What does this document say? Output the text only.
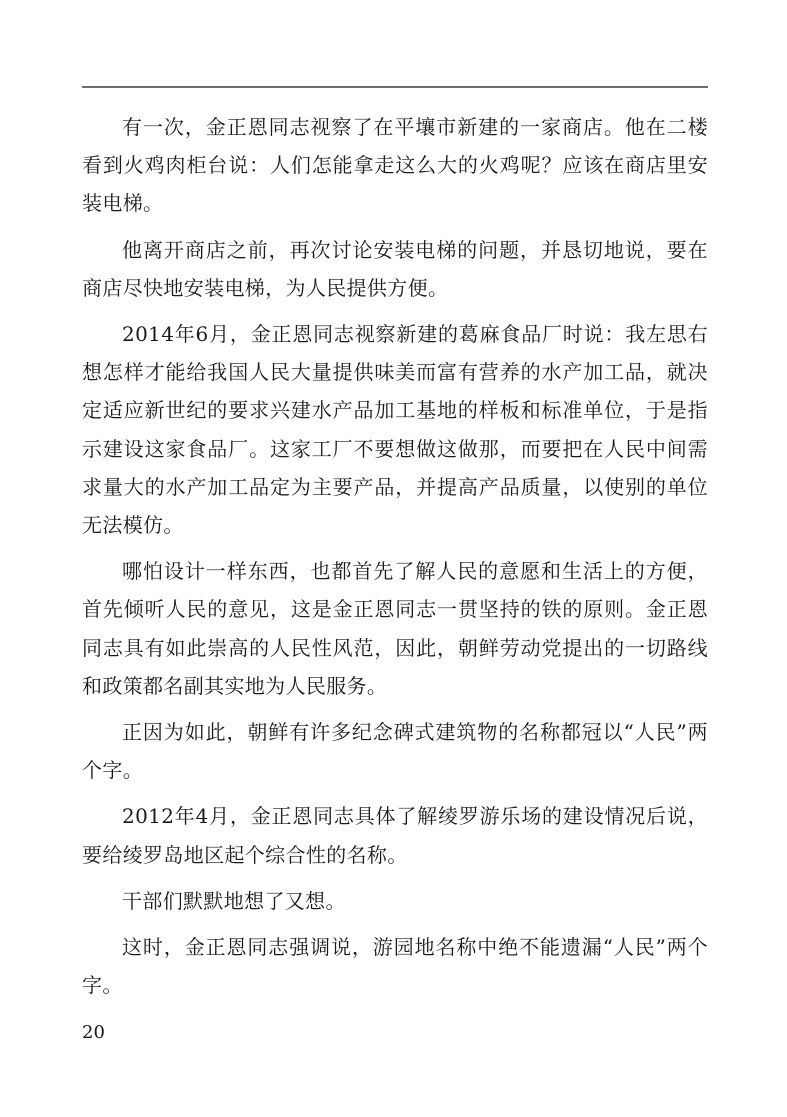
有一次，金正恩同志视察了在平壤市新建的一家商店。他在二楼看到火鸡肉柜台说：人们怎能拿走这么大的火鸡呢？应该在商店里安装电梯。

他离开商店之前，再次讨论安装电梯的问题，并恳切地说，要在商店尽快地安装电梯，为人民提供方便。

2014年6月，金正恩同志视察新建的葛麻食品厂时说：我左思右想怎样才能给我国人民大量提供味美而富有营养的水产加工品，就决定适应新世纪的要求兴建水产品加工基地的样板和标准单位，于是指示建设这家食品厂。这家工厂不要想做这做那，而要把在人民中间需求量大的水产加工品定为主要产品，并提高产品质量，以使别的单位无法模仿。

哪怕设计一样东西，也都首先了解人民的意愿和生活上的方便，首先倾听人民的意见，这是金正恩同志一贯坚持的铁的原则。金正恩同志具有如此崇高的人民性风范，因此，朝鲜劳动党提出的一切路线和政策都名副其实地为人民服务。

正因为如此，朝鲜有许多纪念碑式建筑物的名称都冠以“人民”两个字。

2012年4月，金正恩同志具体了解绫罗游乐场的建设情况后说，要给绫罗岛地区起个综合性的名称。

干部们默默地想了又想。

这时，金正恩同志强调说，游园地名称中绝不能遗漏“人民”两个字。

20
